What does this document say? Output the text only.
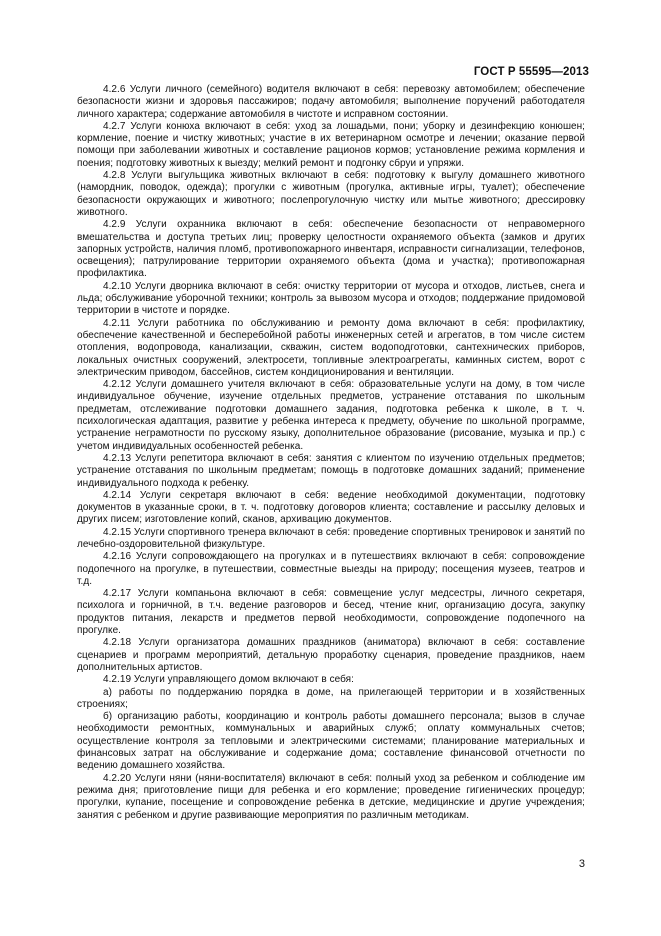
ГОСТ Р 55595—2013

4.2.6 Услуги личного (семейного) водителя включают в себя: перевозку автомобилем; обеспечение безопасности жизни и здоровья пассажиров; подачу автомобиля; выполнение поручений работодателя личного характера; содержание автомобиля в чистоте и исправном состоянии.

4.2.7 Услуги конюха включают в себя: уход за лошадьми, пони; уборку и дезинфекцию конюшен; кормление, поение и чистку животных; участие в их ветеринарном осмотре и лечении; оказание первой помощи при заболевании животных и составление рационов кормов; установление режима кормления и поения; подготовку животных к выезду; мелкий ремонт и подгонку сбруи и упряжи.

4.2.8 Услуги выгульщика животных включают в себя: подготовку к выгулу домашнего животного (намордник, поводок, одежда); прогулки с животным (прогулка, активные игры, туалет); обеспечение безопасности окружающих и животного; послепрогулочную чистку или мытье животного; дрессировку животного.

4.2.9 Услуги охранника включают в себя: обеспечение безопасности от неправомерного вмешательства и доступа третьих лиц; проверку целостности охраняемого объекта (замков и других запорных устройств, наличия пломб, противопожарного инвентаря, исправности сигнализации, телефонов, освещения); патрулирование территории охраняемого объекта (дома и участка); противопожарная профилактика.

4.2.10 Услуги дворника включают в себя: очистку территории от мусора и отходов, листьев, снега и льда; обслуживание уборочной техники; контроль за вывозом мусора и отходов; поддержание придомовой территории в чистоте и порядке.

4.2.11 Услуги работника по обслуживанию и ремонту дома включают в себя: профилактику, обеспечение качественной и бесперебойной работы инженерных сетей и агрегатов, в том числе систем отопления, водопровода, канализации, скважин, систем водоподготовки, сантехнических приборов, локальных очистных сооружений, электросети, топливные электроагрегаты, каминных систем, ворот с электрическим приводом, бассейнов, систем кондиционирования и вентиляции.

4.2.12 Услуги домашнего учителя включают в себя: образовательные услуги на дому, в том числе индивидуальное обучение, изучение отдельных предметов, устранение отставания по школьным предметам, отслеживание подготовки домашнего задания, подготовка ребенка к школе, в т. ч. психологическая адаптация, развитие у ребенка интереса к предмету, обучение по школьной программе, устранение неграмотности по русскому языку, дополнительное образование (рисование, музыка и пр.) с учетом индивидуальных особенностей ребенка.

4.2.13 Услуги репетитора включают в себя: занятия с клиентом по изучению отдельных предметов; устранение отставания по школьным предметам; помощь в подготовке домашних заданий; применение индивидуального подхода к ребенку.

4.2.14 Услуги секретаря включают в себя: ведение необходимой документации, подготовку документов в указанные сроки, в т. ч. подготовку договоров клиента; составление и рассылку деловых и других писем; изготовление копий, сканов, архивацию документов.

4.2.15 Услуги спортивного тренера включают в себя: проведение спортивных тренировок и занятий по лечебно-оздоровительной физкультуре.

4.2.16 Услуги сопровождающего на прогулках и в путешествиях включают в себя: сопровождение подопечного на прогулке, в путешествии, совместные выезды на природу; посещения музеев, театров и т.д.

4.2.17 Услуги компаньона включают в себя: совмещение услуг медсестры, личного секретаря, психолога и горничной, в т.ч. ведение разговоров и бесед, чтение книг, организацию досуга, закупку продуктов питания, лекарств и предметов первой необходимости, сопровождение подопечного на прогулке.

4.2.18 Услуги организатора домашних праздников (аниматора) включают в себя: составление сценариев и программ мероприятий, детальную проработку сценария, проведение праздников, наем дополнительных артистов.

4.2.19 Услуги управляющего домом включают в себя:

а) работы по поддержанию порядка в доме, на прилегающей территории и в хозяйственных строениях;

б) организацию работы, координацию и контроль работы домашнего персонала; вызов в случае необходимости ремонтных, коммунальных и аварийных служб; оплату коммунальных счетов; осуществление контроля за тепловыми и электрическими системами; планирование материальных и финансовых затрат на обслуживание и содержание дома; составление финансовой отчетности по ведению домашнего хозяйства.

4.2.20 Услуги няни (няни-воспитателя) включают в себя: полный уход за ребенком и соблюдение им режима дня; приготовление пищи для ребенка и его кормление; проведение гигиенических процедур; прогулки, купание, посещение и сопровождение ребенка в детские, медицинские и другие учреждения; занятия с ребенком и другие развивающие мероприятия по различным методикам.

3
